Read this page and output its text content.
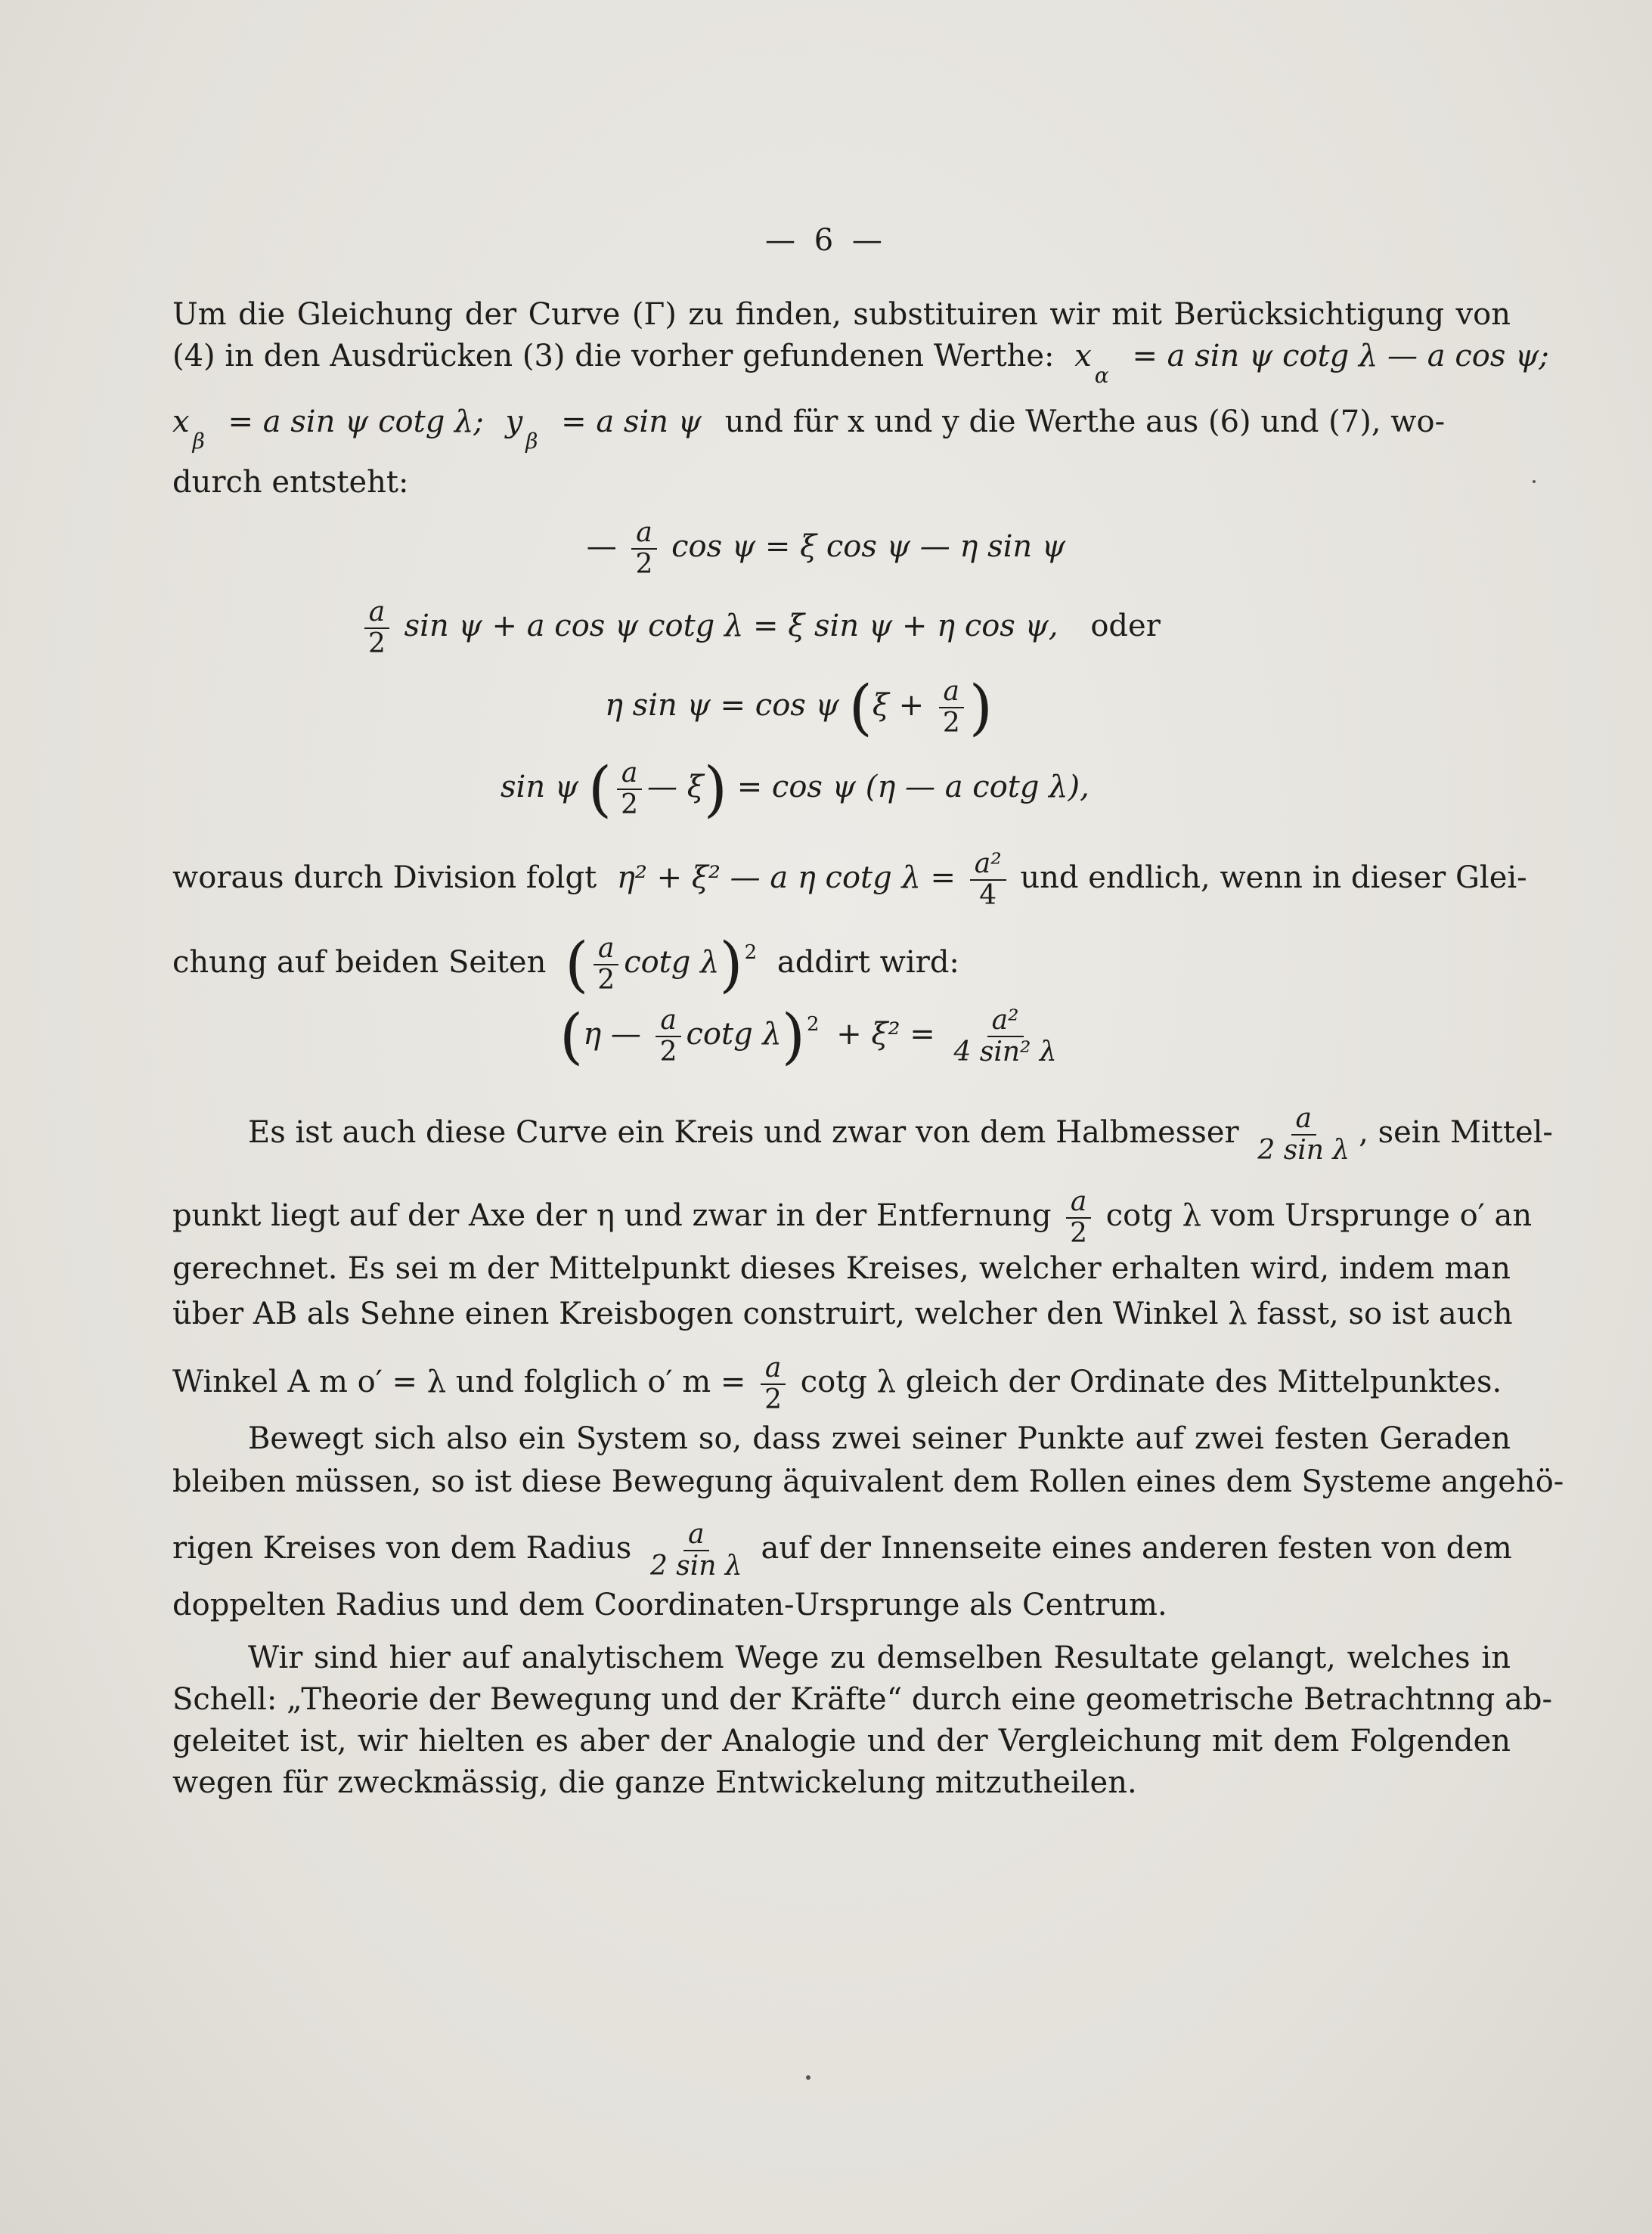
— 6 —
Um die Gleichung der Curve (Γ) zu finden, substituiren wir mit Berücksichtigung von
(4) in den Ausdrücken (3) die vorher gefundenen Werthe: $x_\alpha = a$ sin ψ cotg λ — a cos ψ;
$x_\beta = a$ sin ψ cotg λ; $y_\beta = a$ sin ψ und für x und y die Werthe aus (6) und (7), wo-
durch entsteht:
— $\frac{a}{2}$ cos ψ = ξ cos ψ — η sin ψ
$\frac{a}{2}$ sin ψ + a cos ψ cotg λ = ξ sin ψ + η cos ψ, oder
η sin ψ = cos ψ ($\xi + \frac{a}{2}$ )
sin ψ ( $\frac{a}{2}$ — ξ) = cos ψ (η — a cotg λ),
woraus durch Division folgt η² + ξ² — a η cotg $\lambda = \frac{\text{a²}}{4}$ und endlich, wenn in dieser Glei-
chung auf beiden Seiten ( $\frac{a}{2}$ cotg λ)$^2$ addirt wird:
(η — $\frac{a}{2}$ cotg $\lambda)^2 + \xi^2 = \frac{\text{a²}}{\text{4 sin² λ}}$
Es ist auch diese Curve ein Kreis und zwar von dem Halbmesser $\frac{a}{\text{2 sin λ}}$ , sein Mittel-
punkt liegt auf der Axe der η und zwar in der Entfernung $\frac{a}{2}$ cotg λ vom Ursprunge o′ an
gerechnet. Es sei m der Mittelpunkt dieses Kreises, welcher erhalten wird, indem man
über AB als Sehne einen Kreisbogen construirt, welcher den Winkel λ fasst, so ist auch
Winkel A m o′ = λ und folglich o′ $m = \frac{a}{2}$ cotg λ gleich der Ordinate des Mittelpunktes.
Bewegt sich also ein System so, dass zwei seiner Punkte auf zwei festen Geraden
bleiben müssen, so ist diese Bewegung äquivalent dem Rollen eines dem Systeme angehö-
rigen Kreises von dem Radius $\frac{a}{\text{2 sin λ}}$ auf der Innenseite eines anderen festen von dem
doppelten Radius und dem Coordinaten-Ursprunge als Centrum.
Wir sind hier auf analytischem Wege zu demselben Resultate gelangt, welches in
Schell: „Theorie der Bewegung und der Kräfte“ durch eine geometrische Betrachtnng ab-
geleitet ist, wir hielten es aber der Analogie und der Vergleichung mit dem Folgenden
wegen für zweckmässig, die ganze Entwickelung mitzutheilen.
